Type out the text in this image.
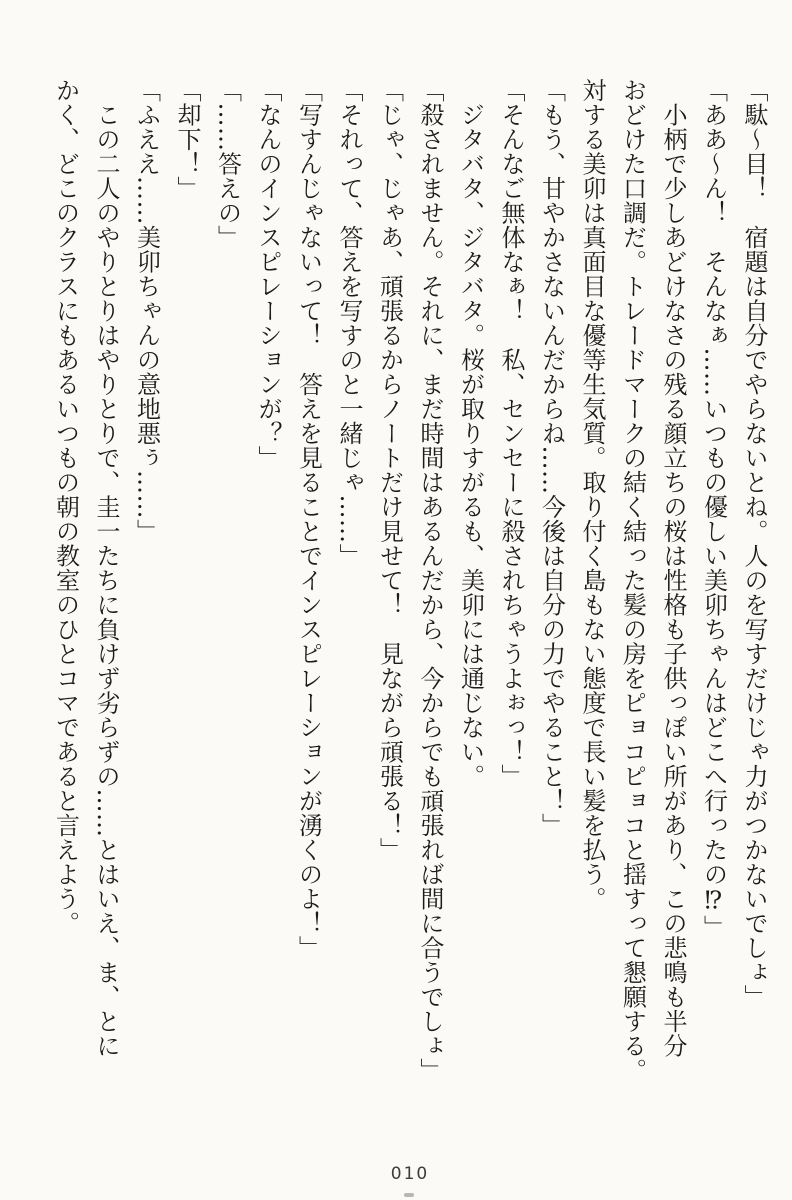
「駄〜目！　宿題は自分でやらないとね。人のを写すだけじゃ力がつかないでしょ」
「ああ〜ん！　そんなぁ……いつもの優しい美卯ちゃんはどこへ行ったの⁉」
　小柄で少しあどけなさの残る顔立ちの桜は性格も子供っぽい所があり、この悲鳴も半分
おどけた口調だ。トレードマークの結く結った髪の房をピョコピョコと揺すって懇願する。
対する美卯は真面目な優等生気質。取り付く島もない態度で長い髪を払う。
「もう、甘やかさないんだからね……今後は自分の力でやること！」
「そんなご無体なぁ！　私、センセーに殺されちゃうよぉっ！」
　ジタバタ、ジタバタ。桜が取りすがるも、美卯には通じない。
「殺されません。それに、まだ時間はあるんだから、今からでも頑張れば間に合うでしょ」
「じゃ、じゃあ、頑張るからノートだけ見せて！　見ながら頑張る！」
「それって、答えを写すのと一緒じゃ……」
「写すんじゃないって！　答えを見ることでインスピレーションが湧くのよ！」
「なんのインスピレーションが？」
「……答えの」
「却下！」
「ふええ……美卯ちゃんの意地悪ぅ……」
　この二人のやりとりはやりとりで、圭一たちに負けず劣らずの……とはいえ、ま、とに
かく、どこのクラスにもあるいつもの朝の教室のひとコマであると言えよう。
010
